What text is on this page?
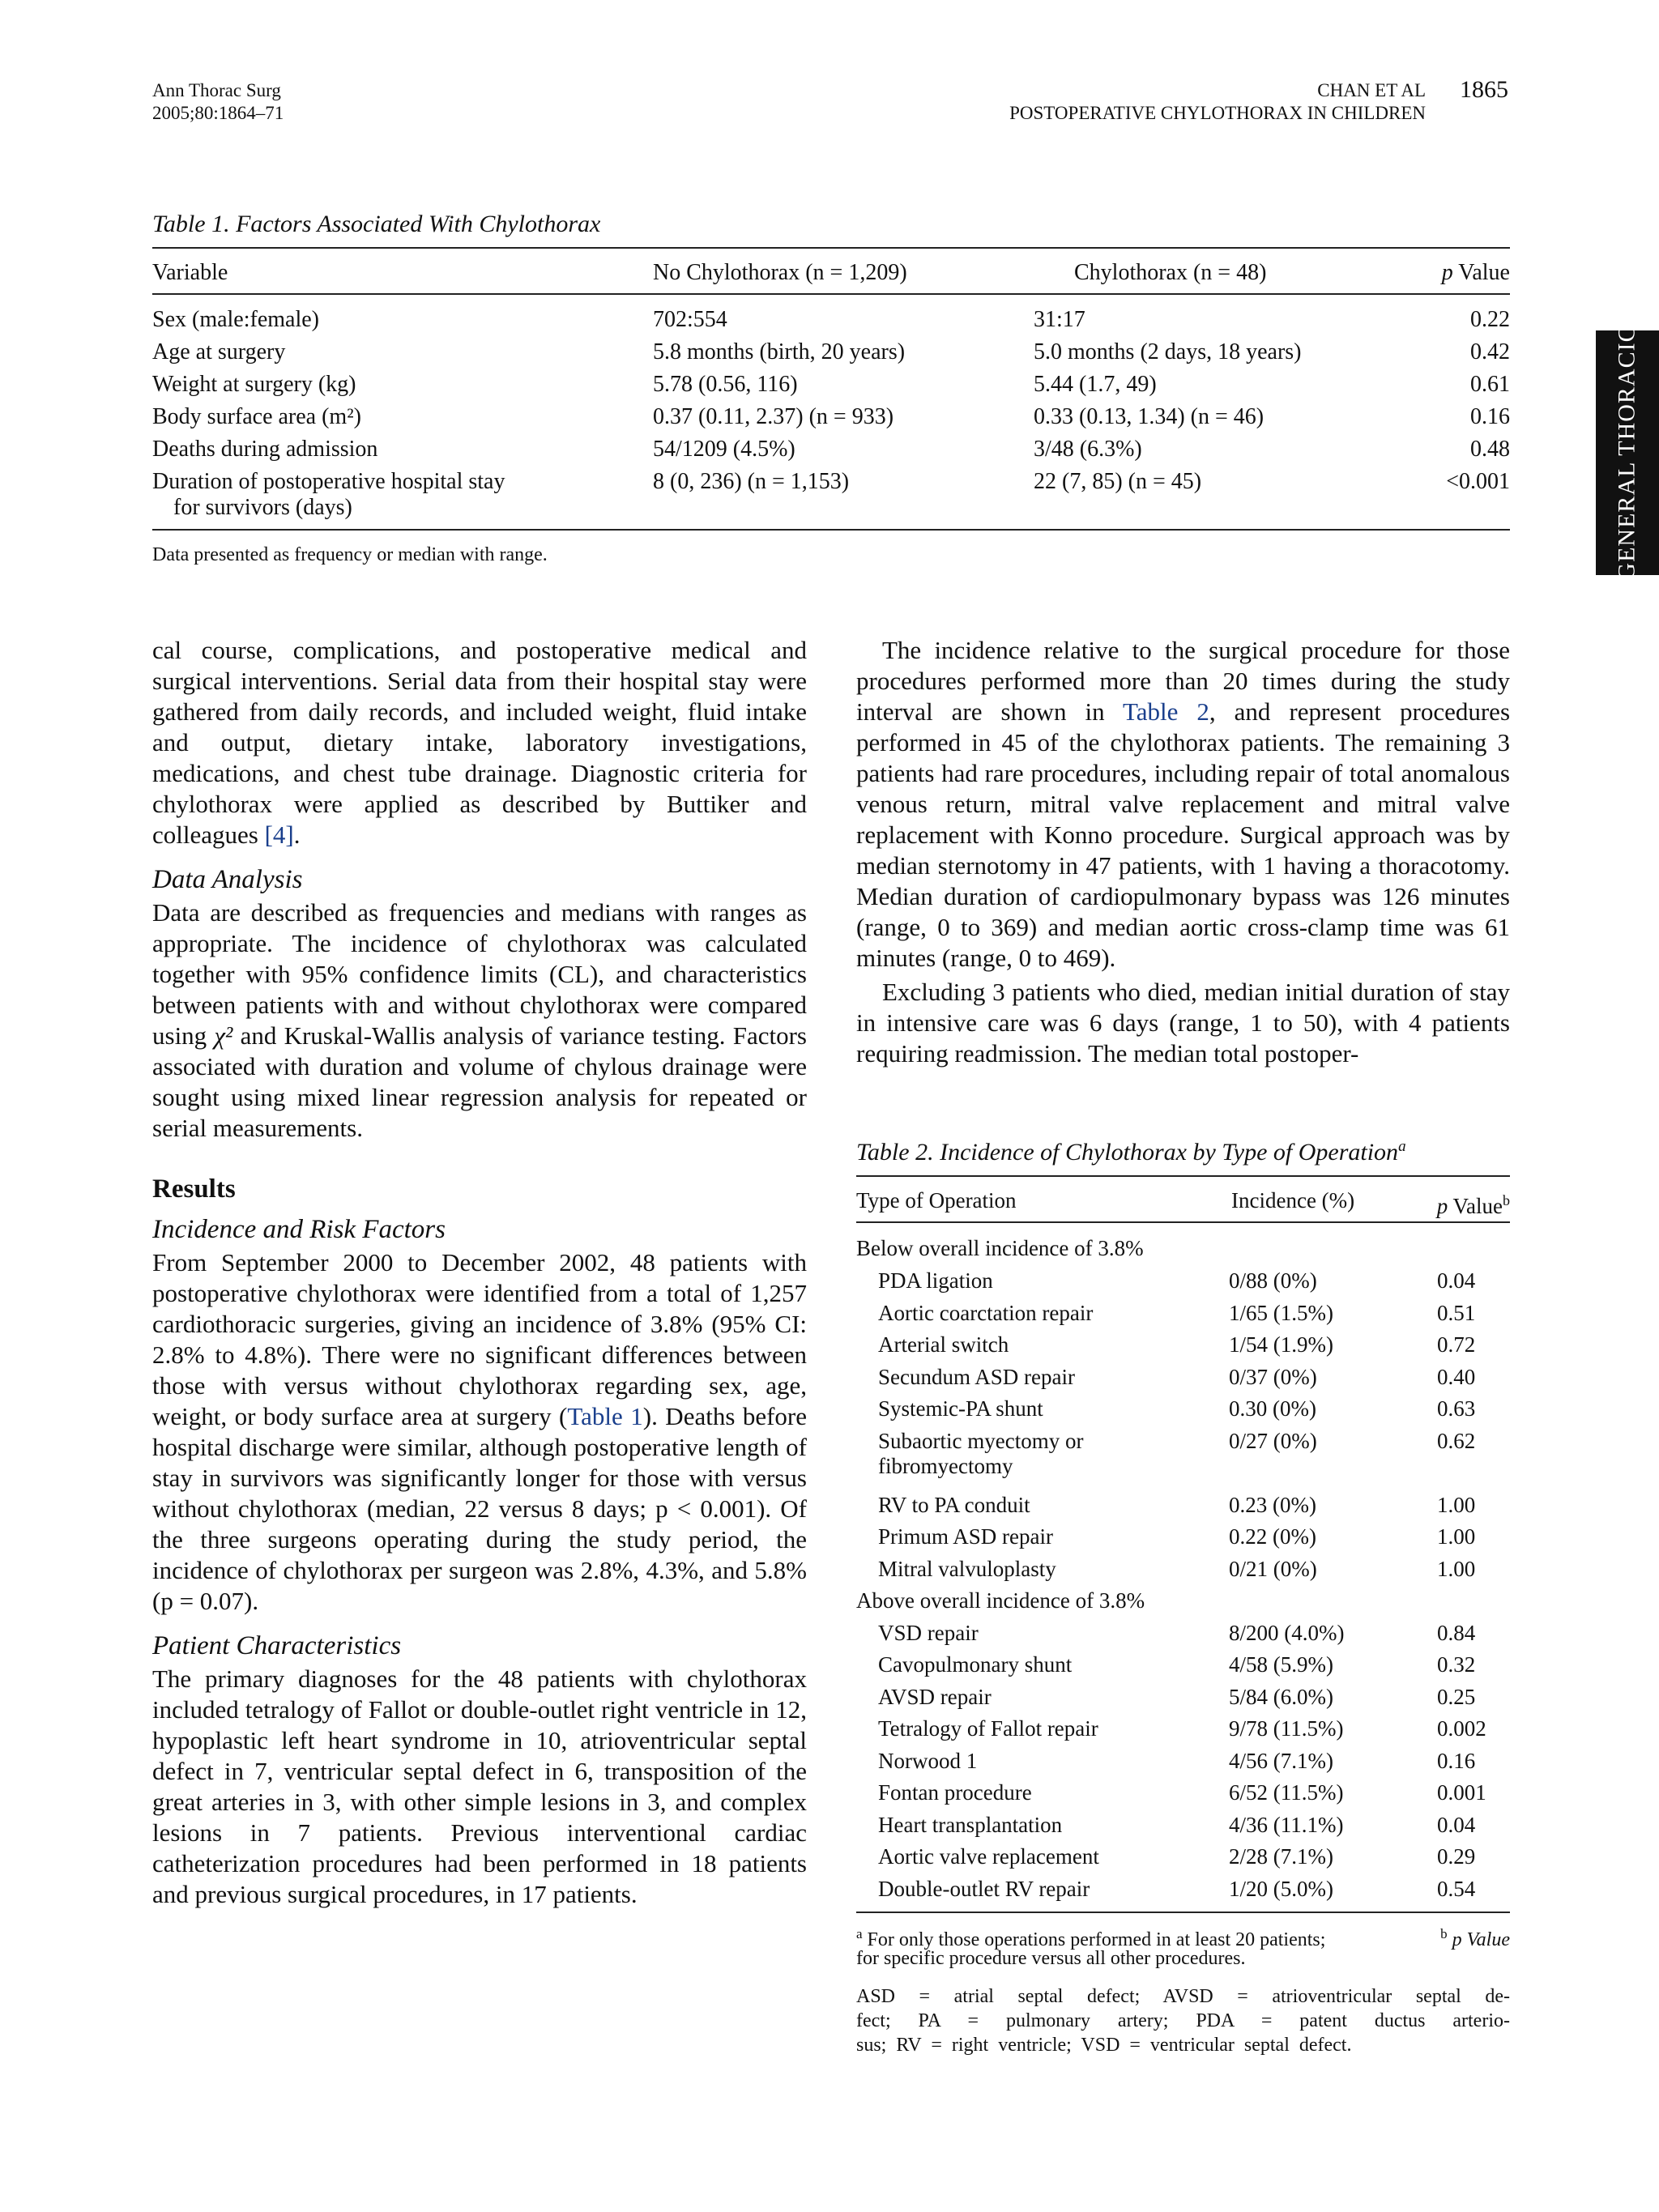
Ann Thorac Surg
2005;80:1864–71
CHAN ET AL
POSTOPERATIVE CHYLOTHORAX IN CHILDREN
1865
GENERAL THORACIC
Table 1. Factors Associated With Chylothorax
Variable	No Chylothorax (n = 1,209)	Chylothorax (n = 48)	p Value
Sex (male:female)	702:554	31:17	0.22
Age at surgery	5.8 months (birth, 20 years)	5.0 months (2 days, 18 years)	0.42
Weight at surgery (kg)	5.78 (0.56, 116)	5.44 (1.7, 49)	0.61
Body surface area (m²)	0.37 (0.11, 2.37) (n = 933)	0.33 (0.13, 1.34) (n = 46)	0.16
Deaths during admission	54/1209 (4.5%)	3/48 (6.3%)	0.48
Duration of postoperative hospital stay
for survivors (days)
8 (0, 236) (n = 1,153)	22 (7, 85) (n = 45)	<0.001
Data presented as frequency or median with range.

cal course, complications, and postoperative medical and surgical interventions. Serial data from their hospital stay were gathered from daily records, and included weight, fluid intake and output, dietary intake, laboratory investigations, medications, and chest tube drainage. Diagnostic criteria for chylothorax were applied as described by Buttiker and colleagues [4].

Data Analysis

Data are described as frequencies and medians with ranges as appropriate. The incidence of chylothorax was calculated together with 95% confidence limits (CL), and characteristics between patients with and without chylothorax were compared using χ² and Kruskal-Wallis analysis of variance testing. Factors associated with duration and volume of chylous drainage were sought using mixed linear regression analysis for repeated or serial measurements.

Results

Incidence and Risk Factors

From September 2000 to December 2002, 48 patients with postoperative chylothorax were identified from a total of 1,257 cardiothoracic surgeries, giving an incidence of 3.8% (95% CI: 2.8% to 4.8%). There were no significant differences between those with versus without chylothorax regarding sex, age, weight, or body surface area at surgery (Table 1). Deaths before hospital discharge were similar, although postoperative length of stay in survivors was significantly longer for those with versus without chylothorax (median, 22 versus 8 days; p < 0.001). Of the three surgeons operating during the study period, the incidence of chylothorax per surgeon was 2.8%, 4.3%, and 5.8% (p = 0.07).

Patient Characteristics

The primary diagnoses for the 48 patients with chylothorax included tetralogy of Fallot or double-outlet right ventricle in 12, hypoplastic left heart syndrome in 10, atrioventricular septal defect in 7, ventricular septal defect in 6, transposition of the great arteries in 3, with other simple lesions in 3, and complex lesions in 7 patients. Previous interventional cardiac catheterization procedures had been performed in 18 patients and previous surgical procedures, in 17 patients.

The incidence relative to the surgical procedure for those procedures performed more than 20 times during the study interval are shown in Table 2, and represent procedures performed in 45 of the chylothorax patients. The remaining 3 patients had rare procedures, including repair of total anomalous venous return, mitral valve replacement and mitral valve replacement with Konno procedure. Surgical approach was by median sternotomy in 47 patients, with 1 having a thoracotomy. Median duration of cardiopulmonary bypass was 126 minutes (range, 0 to 369) and median aortic cross-clamp time was 61 minutes (range, 0 to 469).

Excluding 3 patients who died, median initial duration of stay in intensive care was 6 days (range, 1 to 50), with 4 patients requiring readmission. The median total postoper-

Table 2. Incidence of Chylothorax by Type of Operation$^a$
Type of Operation	Incidence (%)	p Value$^b$
Below overall incidence of 3.8%
PDA ligation	0/88 (0%)	0.04
Aortic coarctation repair	1/65 (1.5%)	0.51
Arterial switch	1/54 (1.9%)	0.72
Secundum ASD repair	0/37 (0%)	0.40
Systemic-PA shunt	0.30 (0%)	0.63
Subaortic myectomy or
fibromyectomy
0/27 (0%)	0.62
RV to PA conduit	0.23 (0%)	1.00
Primum ASD repair	0.22 (0%)	1.00
Mitral valvuloplasty	0/21 (0%)	1.00
Above overall incidence of 3.8%
VSD repair	8/200 (4.0%)	0.84
Cavopulmonary shunt	4/58 (5.9%)	0.32
AVSD repair	5/84 (6.0%)	0.25
Tetralogy of Fallot repair	9/78 (11.5%)	0.002
Norwood 1	4/56 (7.1%)	0.16
Fontan procedure	6/52 (11.5%)	0.001
Heart transplantation	4/36 (11.1%)	0.04
Aortic valve replacement	2/28 (7.1%)	0.29
Double-outlet RV repair	1/20 (5.0%)	0.54
$^a$ For only those operations performed in at least 20 patients;	$^b$ p Value
for specific procedure versus all other procedures.
ASD = atrial septal defect; AVSD = atrioventricular septal de-
fect; PA = pulmonary artery; PDA = patent ductus arterio-
sus; RV = right ventricle; VSD = ventricular septal defect.
